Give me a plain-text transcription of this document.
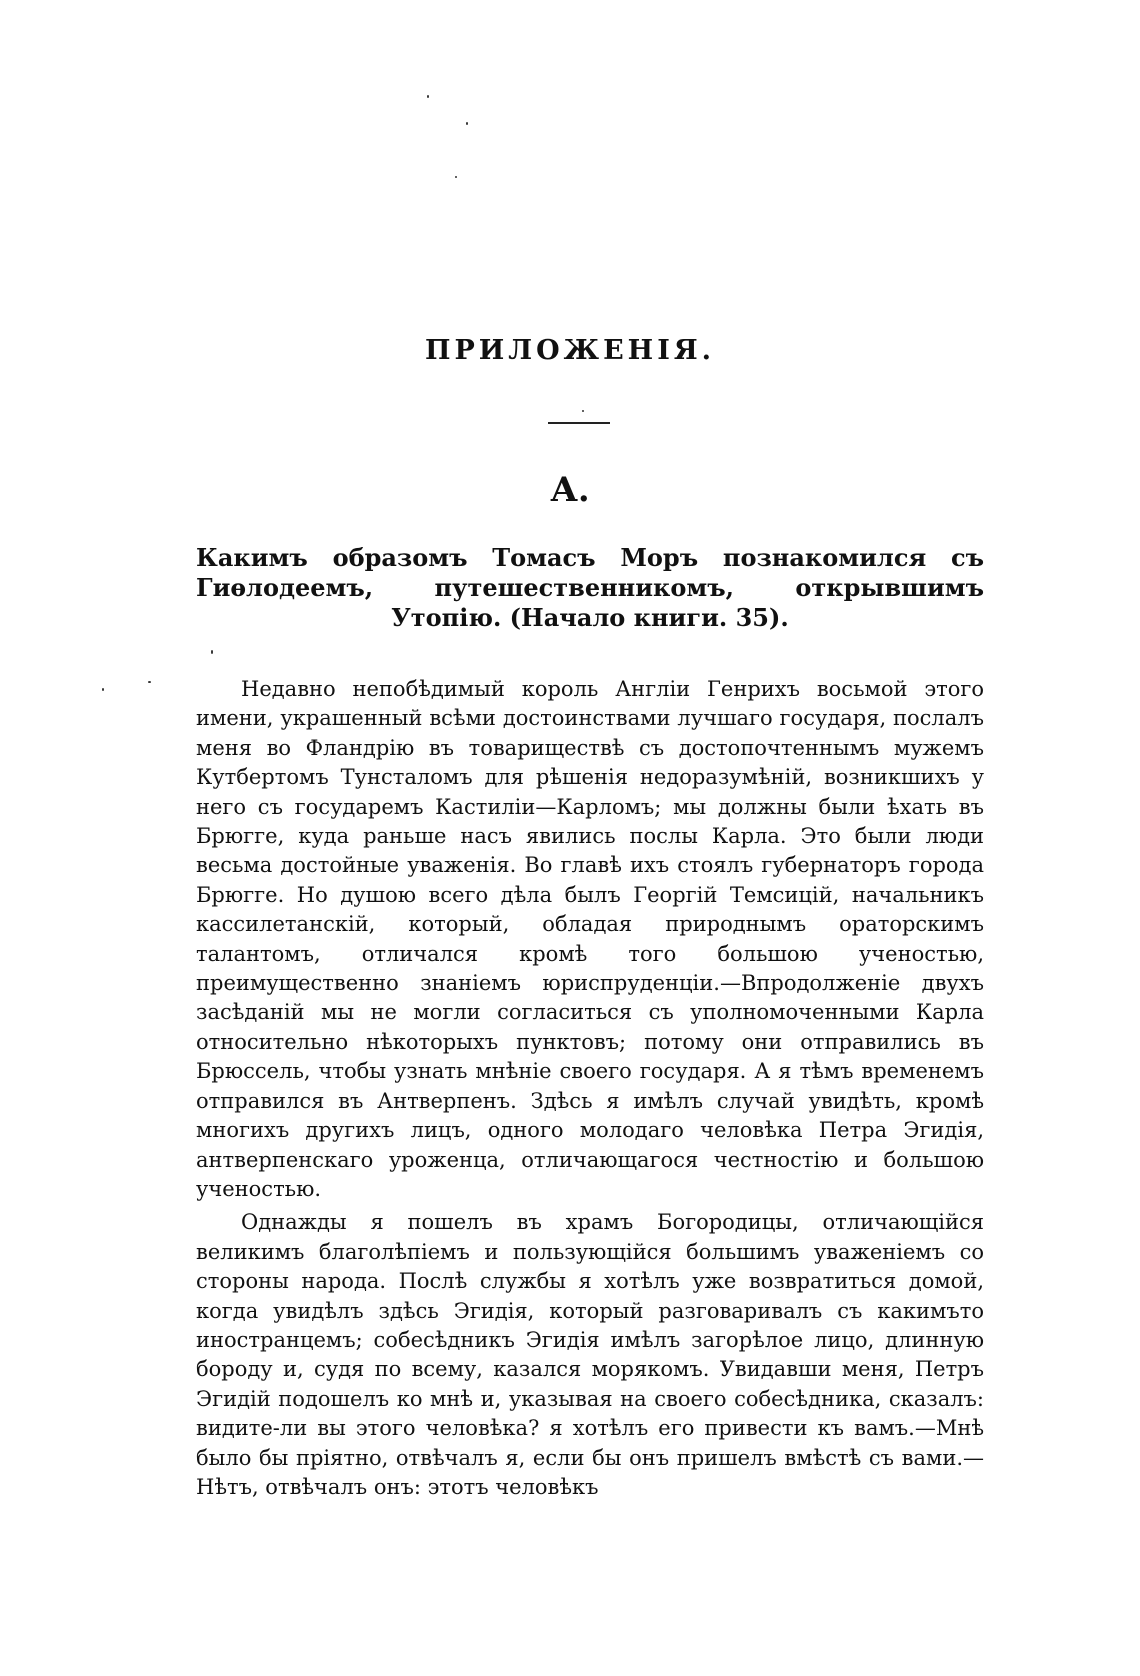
ПРИЛОЖЕНІЯ.
А.
Какимъ образомъ Томасъ Моръ познакомился съ Гиѳлодеемъ, путешественникомъ, открывшимъ Утопію. (Начало книги. 35).

Недавно непобѣдимый король Англіи Генрихъ восьмой этого имени, украшенный всѣми достоинствами лучшаго государя, послалъ меня во Фландрію въ товариществѣ съ достопочтеннымъ мужемъ Кутбертомъ Тунсталомъ для рѣшенія недоразумѣній, возникшихъ у него съ государемъ Кастиліи—Карломъ; мы должны были ѣхать въ Брюгге, куда раньше насъ явились послы Карла. Это были люди весьма достойные уваженія. Во главѣ ихъ стоялъ губернаторъ города Брюгге. Но душою всего дѣла былъ Георгій Темсицій, начальникъ кассилетанскій, который, обладая природнымъ ораторскимъ талантомъ, отличался кромѣ того большою ученостью, преимущественно знаніемъ юриспруденціи.—Впродолженіе двухъ засѣданій мы не могли согласиться съ уполномоченными Карла относительно нѣкоторыхъ пунктовъ; потому они отправились въ Брюссель, чтобы узнать мнѣніе своего государя. А я тѣмъ временемъ отправился въ Антверпенъ. Здѣсь я имѣлъ случай увидѣть, кромѣ многихъ другихъ лицъ, одного молодаго человѣка Петра Эгидія, антверпенскаго уроженца, отличающагося честностію и большою ученостью.

Однажды я пошелъ въ храмъ Богородицы, отличающійся великимъ благолѣпіемъ и пользующійся большимъ уваженіемъ со стороны народа. Послѣ службы я хотѣлъ уже возвратиться домой, когда увидѣлъ здѣсь Эгидія, который разговаривалъ съ какимъто иностранцемъ; собесѣдникъ Эгидія имѣлъ загорѣлое лицо, длинную бороду и, судя по всему, казался морякомъ. Увидавши меня, Петръ Эгидій подошелъ ко мнѣ и, указывая на своего собесѣдника, сказалъ: видите-ли вы этого человѣка? я хотѣлъ его привести къ вамъ.—Мнѣ было бы пріятно, отвѣчалъ я, если бы онъ пришелъ вмѣстѣ съ вами.—Нѣтъ, отвѣчалъ онъ: этотъ человѣкъ
